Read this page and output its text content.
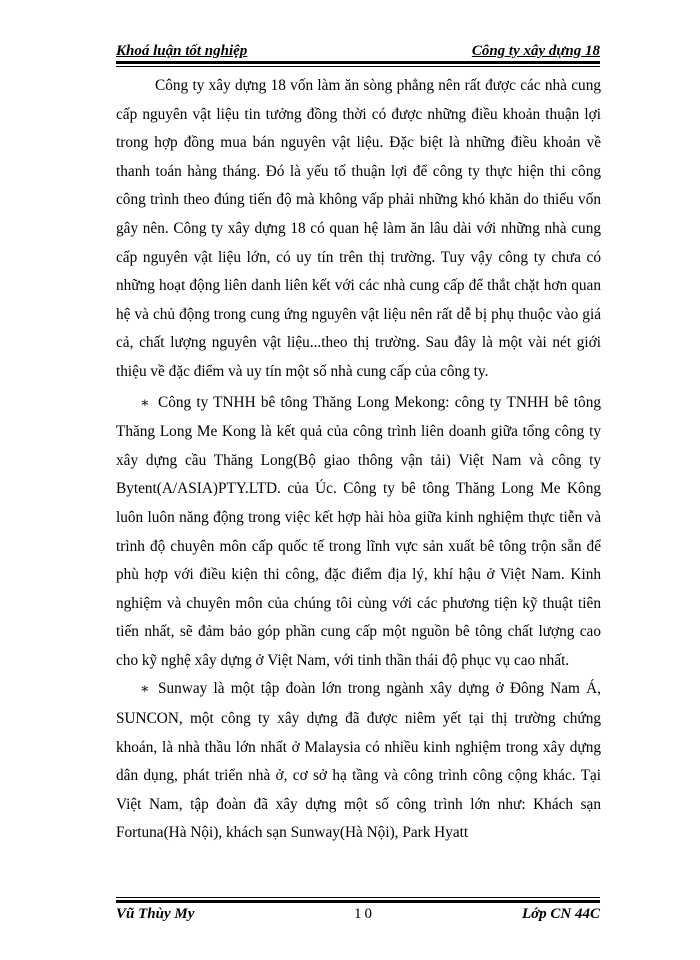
Khoá luận tốt nghiệp	Công ty xây dựng 18

Công ty xây dựng 18 vốn làm ăn sòng phẳng nên rất được các nhà cung cấp nguyên vật liệu tin tưởng đồng thời có được những điều khoản thuận lợi trong hợp đồng mua bán nguyên vật liệu. Đặc biệt là những điều khoản về thanh toán hàng tháng. Đó là yếu tố thuận lợi để công ty thực hiện thi công công trình theo đúng tiến độ mà không vấp phải những khó khăn do thiếu vốn gây nên. Công ty xây dựng 18 có quan hệ làm ăn lâu dài với những nhà cung cấp nguyên vật liệu lớn, có uy tín trên thị trường. Tuy vậy công ty chưa có những hoạt động liên danh liên kết với các nhà cung cấp để thắt chặt hơn quan hệ và chủ động trong cung ứng nguyên vật liệu nên rất dễ bị phụ thuộc vào giá cả, chất lượng nguyên vật liệu...theo thị trường. Sau đây là một vài nét giới thiệu về đặc điểm và uy tín một số nhà cung cấp của công ty.

∗ Công ty TNHH bê tông Thăng Long Mekong: công ty TNHH bê tông Thăng Long Me Kong là kết quả của công trình liên doanh giữa tổng công ty xây dựng cầu Thăng Long(Bộ giao thông vận tải) Việt Nam và công ty Bytent(A/ASIA)PTY.LTD. của Úc. Công ty bê tông Thăng Long Me Kông luôn luôn năng động trong việc kết hợp hài hòa giữa kinh nghiệm thực tiễn và trình độ chuyên môn cấp quốc tế trong lĩnh vực sản xuất bê tông trộn sẵn để phù hợp với điều kiện thi công, đặc điểm địa lý, khí hậu ở Việt Nam. Kinh nghiệm và chuyên môn của chúng tôi cùng với các phương tiện kỹ thuật tiên tiến nhất, sẽ đảm bảo góp phần cung cấp một nguồn bê tông chất lượng cao cho kỹ nghệ xây dựng ở Việt Nam, với tinh thần thái độ phục vụ cao nhất.

∗ Sunway là một tập đoàn lớn trong ngành xây dựng ở Đông Nam Á, SUNCON, một công ty xây dựng đã được niêm yết tại thị trường chứng khoán, là nhà thầu lớn nhất ở Malaysia có nhiều kinh nghiệm trong xây dựng dân dụng, phát triển nhà ở, cơ sở hạ tầng và công trình công cộng khác. Tại Việt Nam, tập đoàn đã xây dựng một số công trình lớn như: Khách sạn Fortuna(Hà Nội), khách sạn Sunway(Hà Nội), Park Hyatt

Vũ Thùy My	10	Lớp CN 44C
